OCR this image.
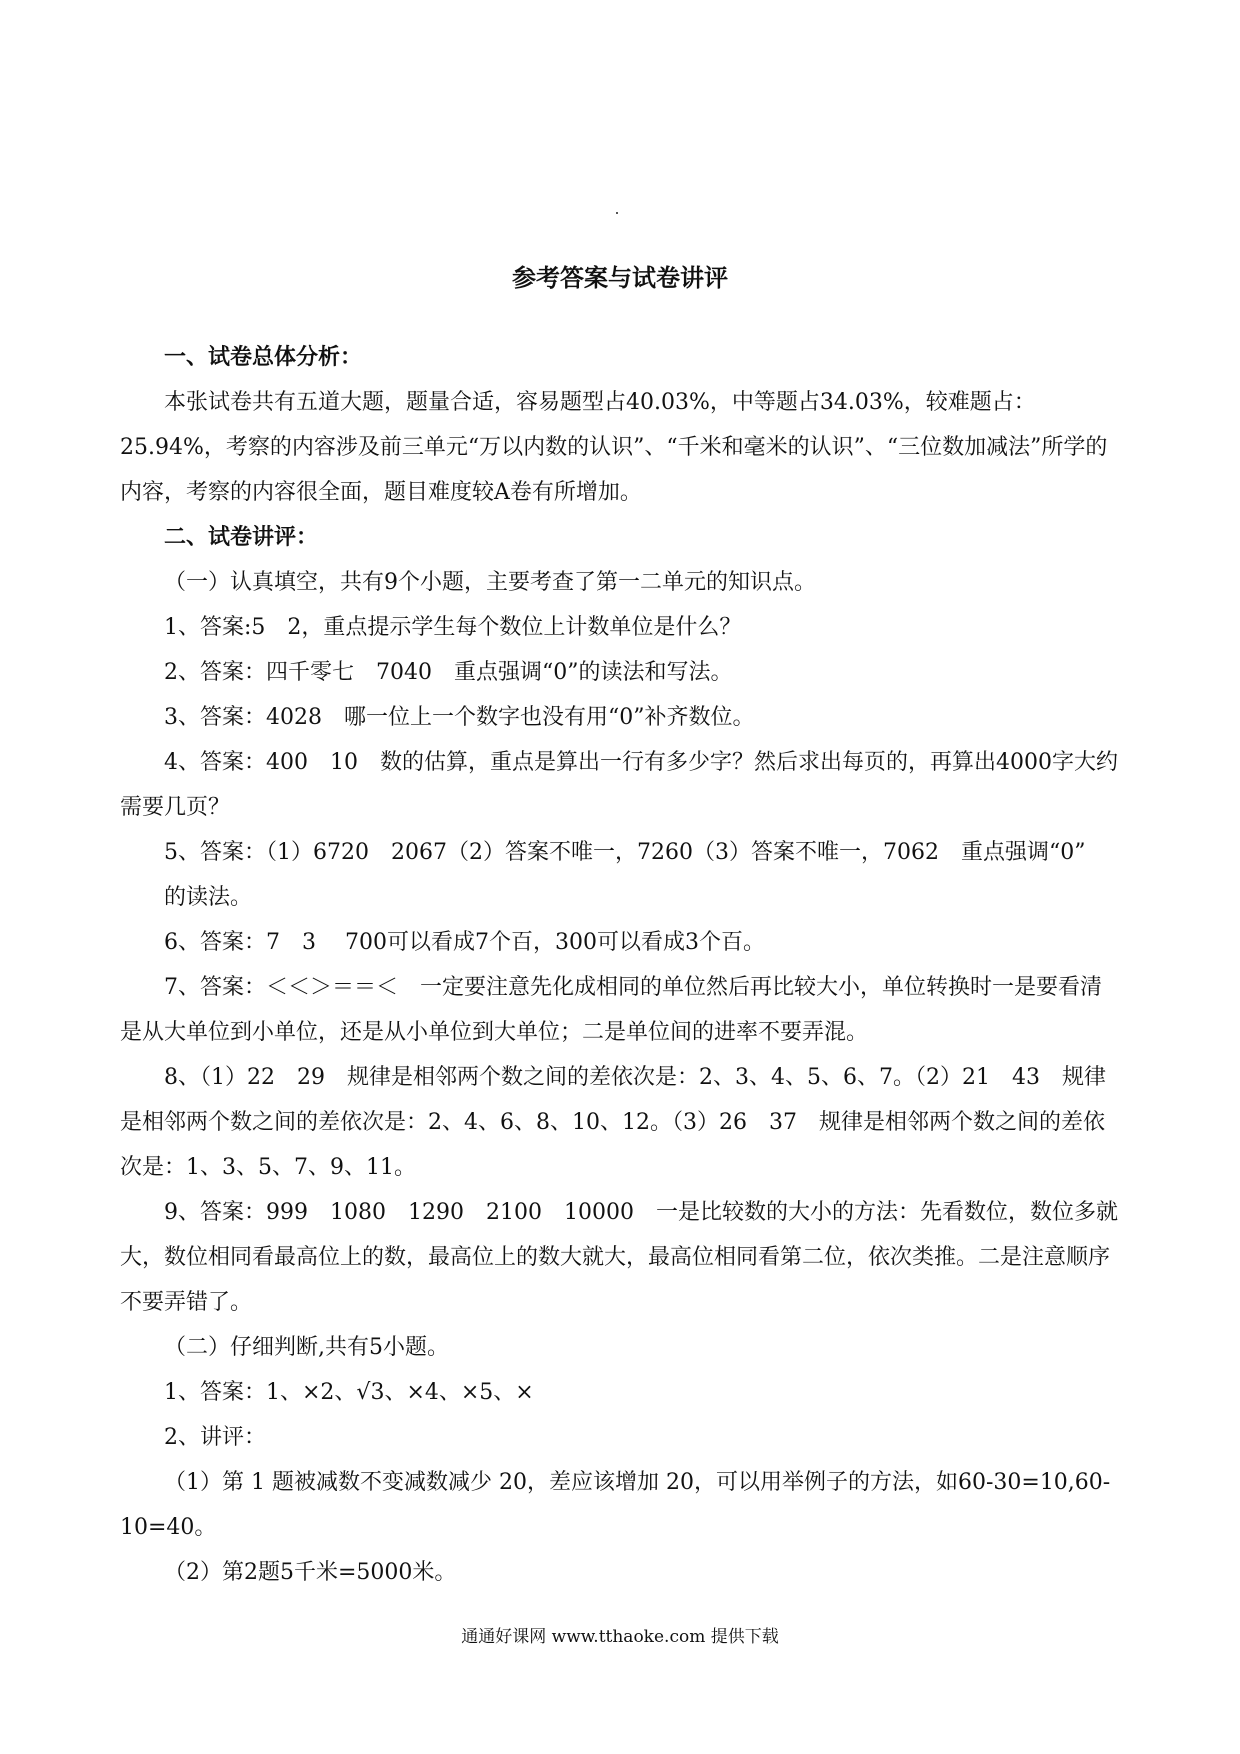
参考答案与试卷讲评

一、试卷总体分析：

本张试卷共有五道大题，题量合适，容易题型占40.03%，中等题占34.03%，较难题占：25.94%，考察的内容涉及前三单元“万以内数的认识”、“千米和毫米的认识”、“三位数加减法”所学的内容，考察的内容很全面，题目难度较A卷有所增加。

二、试卷讲评：

（一）认真填空，共有9个小题，主要考查了第一二单元的知识点。

1、答案:5　2，重点提示学生每个数位上计数单位是什么？

2、答案：四千零七　7040　重点强调“0”的读法和写法。

3、答案：4028　哪一位上一个数字也没有用“0”补齐数位。

4、答案：400　10　数的估算，重点是算出一行有多少字？然后求出每页的，再算出4000字大约需要几页？

5、答案：（1）6720　2067（2）答案不唯一，7260（3）答案不唯一，7062　重点强调“0”

的读法。

6、答案：7　3　 700可以看成7个百，300可以看成3个百。

7、答案：＜＜＞＝＝＜　一定要注意先化成相同的单位然后再比较大小，单位转换时一是要看清是从大单位到小单位，还是从小单位到大单位；二是单位间的进率不要弄混。

8、（1）22　29　规律是相邻两个数之间的差依次是：2、3、4、5、6、7。（2）21　43　规律是相邻两个数之间的差依次是：2、4、6、8、10、12。（3）26　37　规律是相邻两个数之间的差依次是：1、3、5、7、9、11。

9、答案：999　1080　1290　2100　10000　一是比较数的大小的方法：先看数位，数位多就大，数位相同看最高位上的数，最高位上的数大就大，最高位相同看第二位，依次类推。二是注意顺序不要弄错了。

（二）仔细判断,共有5小题。

1、答案：1、×2、√3、×4、×5、×

2、讲评：

（1）第 1 题被减数不变减数减少 20，差应该增加 20，可以用举例子的方法，如60-30=10,60-10=40。

（2）第2题5千米=5000米。

通通好课网 www.tthaoke.com 提供下载
